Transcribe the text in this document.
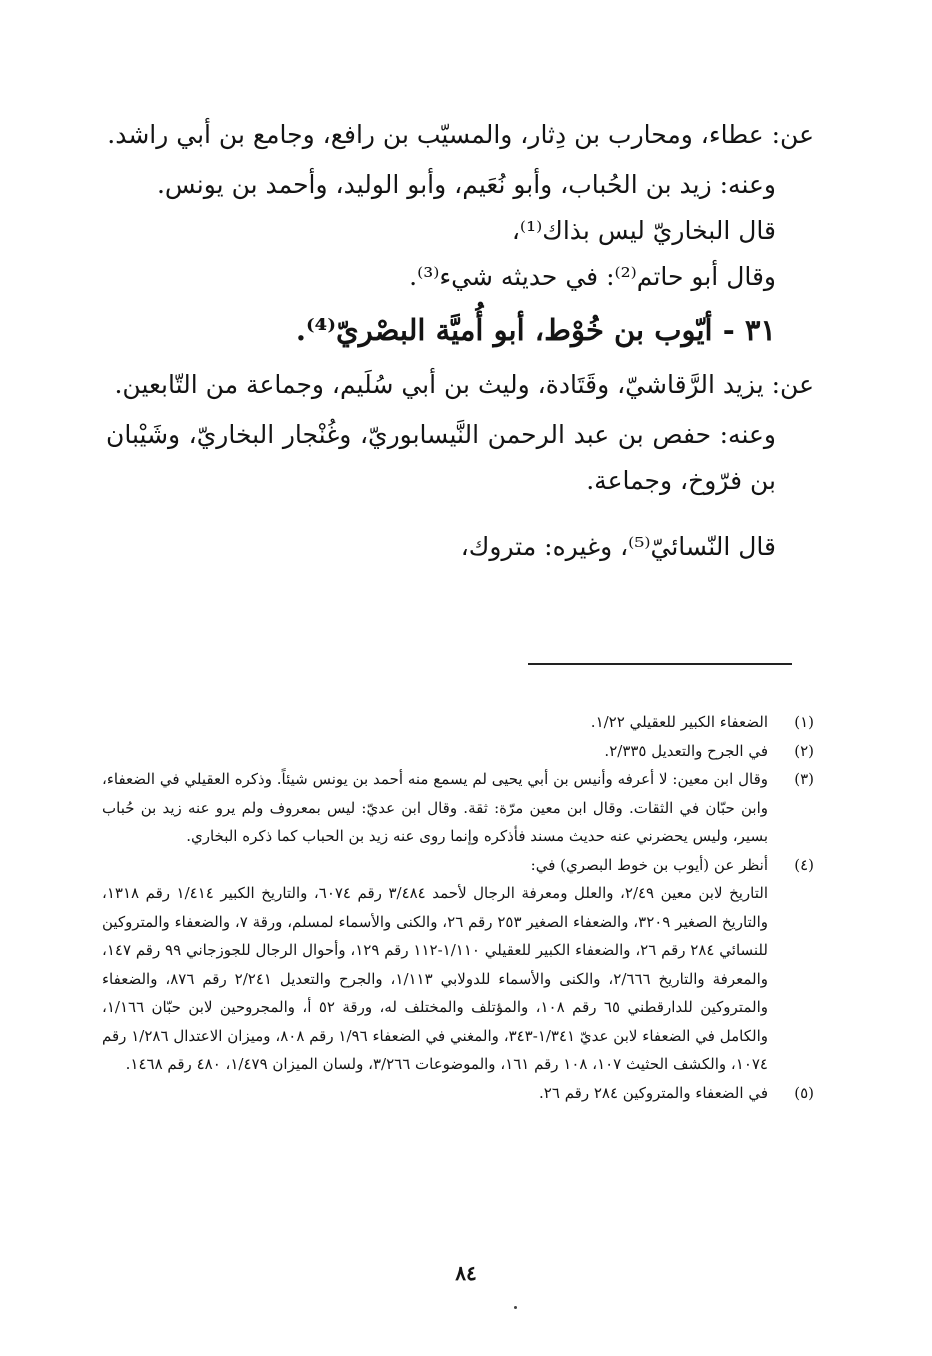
عن: عطاء، ومحارب بن دِثار، والمسيّب بن رافع، وجامع بن أبي راشد.

وعنه: زيد بن الحُباب، وأبو نُعَيم، وأبو الوليد، وأحمد بن يونس.

قال البخاريّ ليس بذاك⁽¹⁾،

وقال أبو حاتم⁽²⁾: في حديثه شيء⁽³⁾.

٣١ - أيّوب بن خُوْط، أبو أُميَّة البصْريّ⁽⁴⁾.

عن: يزيد الرَّقاشيّ، وقَتَادة، وليث بن أبي سُلَيم، وجماعة من التّابعين.

وعنه: حفص بن عبد الرحمن النَّيسابوريّ، وغُنْجار البخاريّ، وشَيْبان بن فرّوخ، وجماعة.

قال النّسائيّ⁽⁵⁾، وغيره: متروك،

(١)
الضعفاء الكبير للعقيلي ١/٢٢.
(٢)
في الجرح والتعديل ٢/٣٣٥.
(٣)
وقال ابن معين: لا أعرفه وأنيس بن أبي يحيى لم يسمع منه أحمد بن يونس شيئاً. وذكره العقيلي في الضعفاء، وابن حبّان في الثقات. وقال ابن معين مرّة: ثقة. وقال ابن عديّ: ليس بمعروف ولم يرو عنه زيد بن حُباب بسير، وليس يحضرني عنه حديث مسند فأذكره وإنما روى عنه زيد بن الحباب كما ذكره البخاري.
(٤)
أنظر عن (أيوب بن خوط البصري) في:
التاريخ لابن معين ٢/٤٩، والعلل ومعرفة الرجال لأحمد ٣/٤٨٤ رقم ٦٠٧٤، والتاريخ الكبير ١/٤١٤ رقم ١٣١٨، والتاريخ الصغير ٣٢٠٩، والضعفاء الصغير ٢٥٣ رقم ٢٦، والكنى والأسماء لمسلم، ورقة ٧، والضعفاء والمتروكين للنسائي ٢٨٤ رقم ٢٦، والضعفاء الكبير للعقيلي ١/١١٠-١١٢ رقم ١٢٩، وأحوال الرجال للجوزجاني ٩٩ رقم ١٤٧، والمعرفة والتاريخ ٢/٦٦٦، والكنى والأسماء للدولابي ١/١١٣، والجرح والتعديل ٢/٢٤١ رقم ٨٧٦، والضعفاء والمتروكين للدارقطني ٦٥ رقم ١٠٨، والمؤتلف والمختلف له، ورقة ٥٢ أ، والمجروحين لابن حبّان ١/١٦٦، والكامل في الضعفاء لابن عديّ ١/٣٤١-٣٤٣، والمغني في الضعفاء ١/٩٦ رقم ٨٠٨، وميزان الاعتدال ١/٢٨٦ رقم ١٠٧٤، والكشف الحثيث ١٠٧، ١٠٨ رقم ١٦١، والموضوعات ٣/٢٦٦، ولسان الميزان ١/٤٧٩، ٤٨٠ رقم ١٤٦٨.
(٥)
في الضعفاء والمتروكين ٢٨٤ رقم ٢٦.
٨٤
